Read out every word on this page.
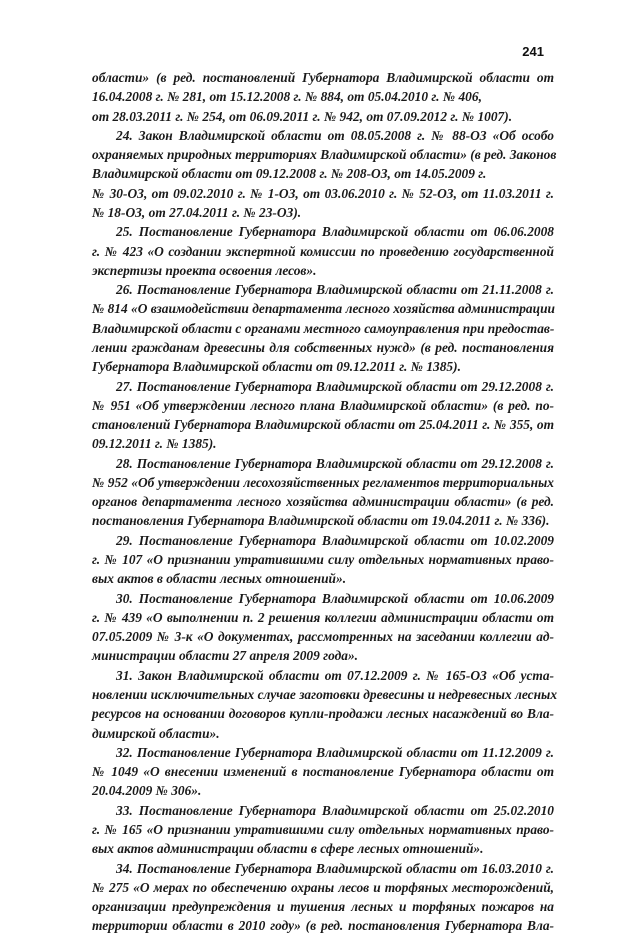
241
области» (в ред. постановлений Губернатора Владимирской области от
16.04.2008 г. № 281, от 15.12.2008 г. № 884, от 05.04.2010 г. № 406,
от 28.03.2011 г. № 254, от 06.09.2011 г. № 942, от 07.09.2012 г. № 1007).
24. Закон Владимирской области от 08.05.2008 г. № 88-ОЗ «Об особо
охраняемых природных территориях Владимирской области» (в ред. Законов
Владимирской области от 09.12.2008 г. № 208-ОЗ, от 14.05.2009 г.
№ 30-ОЗ, от 09.02.2010 г. № 1-ОЗ, от 03.06.2010 г. № 52-ОЗ, от 11.03.2011 г.
№ 18-ОЗ, от 27.04.2011 г. № 23-ОЗ).
25. Постановление Губернатора Владимирской области от 06.06.2008
г. № 423 «О создании экспертной комиссии по проведению государственной
экспертизы проекта освоения лесов».
26. Постановление Губернатора Владимирской области от 21.11.2008 г.
№ 814 «О взаимодействии департамента лесного хозяйства администрации
Владимирской области с органами местного самоуправления при предостав-
лении гражданам древесины для собственных нужд» (в ред. постановления
Губернатора Владимирской области от 09.12.2011 г. № 1385).
27. Постановление Губернатора Владимирской области от 29.12.2008 г.
№ 951 «Об утверждении лесного плана Владимирской области» (в ред. по-
становлений Губернатора Владимирской области от 25.04.2011 г. № 355, от
09.12.2011 г. № 1385).
28. Постановление Губернатора Владимирской области от 29.12.2008 г.
№ 952 «Об утверждении лесохозяйственных регламентов территориальных
органов департамента лесного хозяйства администрации области» (в ред.
постановления Губернатора Владимирской области от 19.04.2011 г. № 336).
29. Постановление Губернатора Владимирской области от 10.02.2009
г. № 107 «О признании утратившими силу отдельных нормативных право-
вых актов в области лесных отношений».
30. Постановление Губернатора Владимирской области от 10.06.2009
г. № 439 «О выполнении п. 2 решения коллегии администрации области от
07.05.2009 № 3-к «О документах, рассмотренных на заседании коллегии ад-
министрации области 27 апреля 2009 года».
31. Закон Владимирской области от 07.12.2009 г. № 165-ОЗ «Об уста-
новлении исключительных случае заготовки древесины и недревесных лесных
ресурсов на основании договоров купли-продажи лесных насаждений во Вла-
димирской области».
32. Постановление Губернатора Владимирской области от 11.12.2009 г.
№ 1049 «О внесении изменений в постановление Губернатора области от
20.04.2009 № 306».
33. Постановление Губернатора Владимирской области от 25.02.2010
г. № 165 «О признании утратившими силу отдельных нормативных право-
вых актов администрации области в сфере лесных отношений».
34. Постановление Губернатора Владимирской области от 16.03.2010 г.
№ 275 «О мерах по обеспечению охраны лесов и торфяных месторождений,
организации предупреждения и тушения лесных и торфяных пожаров на
территории области в 2010 году» (в ред. постановления Губернатора Вла-
